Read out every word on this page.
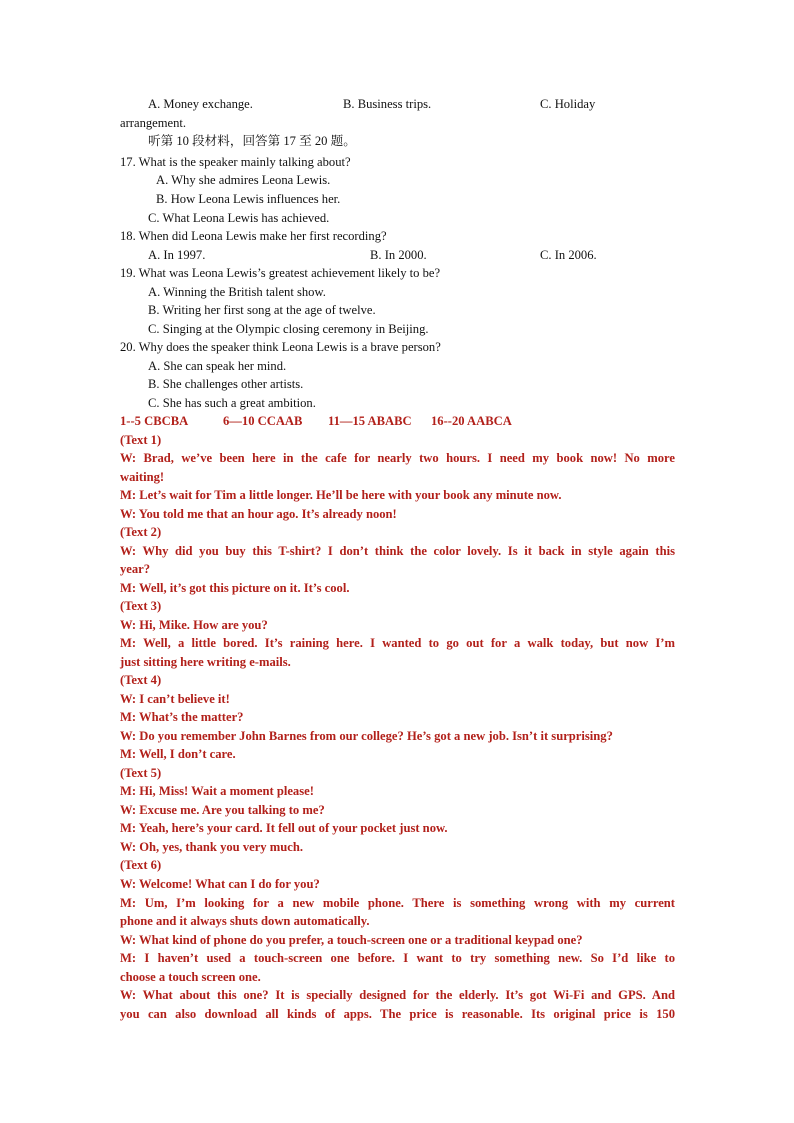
A. Money exchange.	B. Business trips.	C. Holiday
arrangement.
听第 10 段材料，回答第 17 至 20 题。
17. What is the speaker mainly talking about?
A. Why she admires Leona Lewis.
B. How Leona Lewis influences her.
C. What Leona Lewis has achieved.
18. When did Leona Lewis make her first recording?
A. In 1997.	B. In 2000.	C. In 2006.
19. What was Leona Lewis’s greatest achievement likely to be?
A. Winning the British talent show.
B. Writing her first song at the age of twelve.
C. Singing at the Olympic closing ceremony in Beijing.
20. Why does the speaker think Leona Lewis is a brave person?
A. She can speak her mind.
B. She challenges other artists.
C. She has such a great ambition.
1--5 CBCBA	6—10 CCAAB 11—15 ABABC 16--20 AABCA
(Text 1)
W: Brad, we’ve been here in the cafe for nearly two hours. I need my book now! No more
waiting!
M: Let’s wait for Tim a little longer. He’ll be here with your book any minute now.
W: You told me that an hour ago. It’s already noon!
(Text 2)
W: Why did you buy this T-shirt? I don’t think the color lovely. Is it back in style again this
year?
M: Well, it’s got this picture on it. It’s cool.
(Text 3)
W: Hi, Mike. How are you?
M: Well, a little bored. It’s raining here. I wanted to go out for a walk today, but now I’m
just sitting here writing e-mails.
(Text 4)
W: I can’t believe it!
M: What’s the matter?
W: Do you remember John Barnes from our college? He’s got a new job. Isn’t it surprising?
M: Well, I don’t care.
(Text 5)
M: Hi, Miss! Wait a moment please!
W: Excuse me. Are you talking to me?
M: Yeah, here’s your card. It fell out of your pocket just now.
W: Oh, yes, thank you very much.
(Text 6)
W: Welcome! What can I do for you?
M: Um, I’m looking for a new mobile phone. There is something wrong with my current
phone and it always shuts down automatically.
W: What kind of phone do you prefer, a touch-screen one or a traditional keypad one?
M: I haven’t used a touch-screen one before. I want to try something new. So I’d like to
choose a touch screen one.
W: What about this one? It is specially designed for the elderly. It’s got Wi-Fi and GPS. And
you can also download all kinds of apps. The price is reasonable. Its original price is 150
